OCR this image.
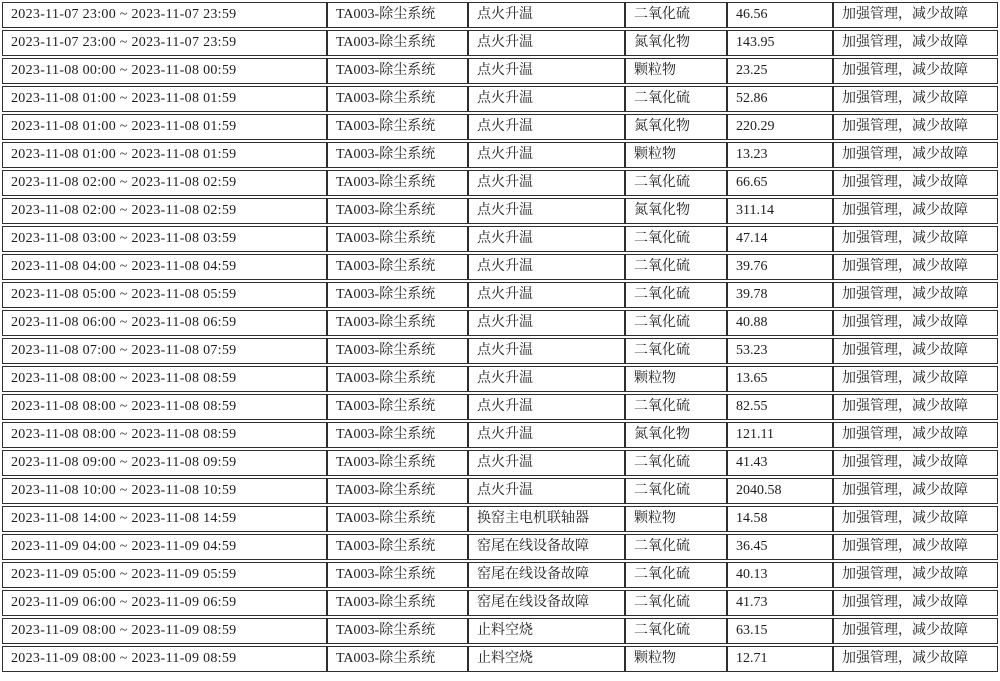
2023-11-07 23:00 ~ 2023-11-07 23:59	TA003-除尘系统	点火升温	二氧化硫	46.56	加强管理，减少故障
2023-11-07 23:00 ~ 2023-11-07 23:59	TA003-除尘系统	点火升温	氮氧化物	143.95	加强管理，减少故障
2023-11-08 00:00 ~ 2023-11-08 00:59	TA003-除尘系统	点火升温	颗粒物	23.25	加强管理，减少故障
2023-11-08 01:00 ~ 2023-11-08 01:59	TA003-除尘系统	点火升温	二氧化硫	52.86	加强管理，减少故障
2023-11-08 01:00 ~ 2023-11-08 01:59	TA003-除尘系统	点火升温	氮氧化物	220.29	加强管理，减少故障
2023-11-08 01:00 ~ 2023-11-08 01:59	TA003-除尘系统	点火升温	颗粒物	13.23	加强管理，减少故障
2023-11-08 02:00 ~ 2023-11-08 02:59	TA003-除尘系统	点火升温	二氧化硫	66.65	加强管理，减少故障
2023-11-08 02:00 ~ 2023-11-08 02:59	TA003-除尘系统	点火升温	氮氧化物	311.14	加强管理，减少故障
2023-11-08 03:00 ~ 2023-11-08 03:59	TA003-除尘系统	点火升温	二氧化硫	47.14	加强管理，减少故障
2023-11-08 04:00 ~ 2023-11-08 04:59	TA003-除尘系统	点火升温	二氧化硫	39.76	加强管理，减少故障
2023-11-08 05:00 ~ 2023-11-08 05:59	TA003-除尘系统	点火升温	二氧化硫	39.78	加强管理，减少故障
2023-11-08 06:00 ~ 2023-11-08 06:59	TA003-除尘系统	点火升温	二氧化硫	40.88	加强管理，减少故障
2023-11-08 07:00 ~ 2023-11-08 07:59	TA003-除尘系统	点火升温	二氧化硫	53.23	加强管理，减少故障
2023-11-08 08:00 ~ 2023-11-08 08:59	TA003-除尘系统	点火升温	颗粒物	13.65	加强管理，减少故障
2023-11-08 08:00 ~ 2023-11-08 08:59	TA003-除尘系统	点火升温	二氧化硫	82.55	加强管理，减少故障
2023-11-08 08:00 ~ 2023-11-08 08:59	TA003-除尘系统	点火升温	氮氧化物	121.11	加强管理，减少故障
2023-11-08 09:00 ~ 2023-11-08 09:59	TA003-除尘系统	点火升温	二氧化硫	41.43	加强管理，减少故障
2023-11-08 10:00 ~ 2023-11-08 10:59	TA003-除尘系统	点火升温	二氧化硫	2040.58	加强管理，减少故障
2023-11-08 14:00 ~ 2023-11-08 14:59	TA003-除尘系统	换窑主电机联轴器	颗粒物	14.58	加强管理，减少故障
2023-11-09 04:00 ~ 2023-11-09 04:59	TA003-除尘系统	窑尾在线设备故障	二氧化硫	36.45	加强管理，减少故障
2023-11-09 05:00 ~ 2023-11-09 05:59	TA003-除尘系统	窑尾在线设备故障	二氧化硫	40.13	加强管理，减少故障
2023-11-09 06:00 ~ 2023-11-09 06:59	TA003-除尘系统	窑尾在线设备故障	二氧化硫	41.73	加强管理，减少故障
2023-11-09 08:00 ~ 2023-11-09 08:59	TA003-除尘系统	止料空烧	二氧化硫	63.15	加强管理，减少故障
2023-11-09 08:00 ~ 2023-11-09 08:59	TA003-除尘系统	止料空烧	颗粒物	12.71	加强管理，减少故障
